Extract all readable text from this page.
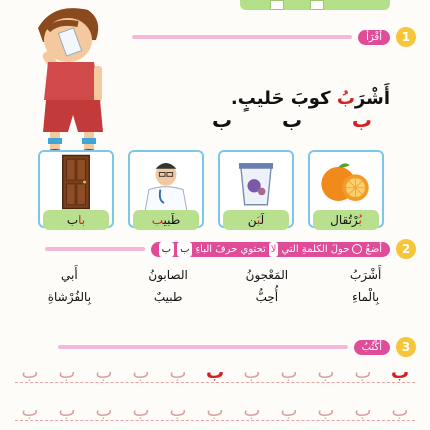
1
أَقْرَأُ
أَشْرَبُ كوبَ حَليبٍ.
ب
ب
ب
بُرْتُقال
لَبَن
طَبيب
باب
2
أضعُ
حولَ الكلمةِ التي
لا
تحتوي حرفَ الباءِ
ب
ب
أَشْرَبُ
المَعْجونُ
الصابونُ
أَبي
بِالْماءِ
أُحِبُّ
طبيبٌ
بِالفُرْشاةِ
3
أَكْتُبُ
ب
ب
ب
ب
ب
ب
ب
ب
ب
ب
ب
ب
ب
ب
ب
ب
ب
ب
ب
ب
ب
ب
